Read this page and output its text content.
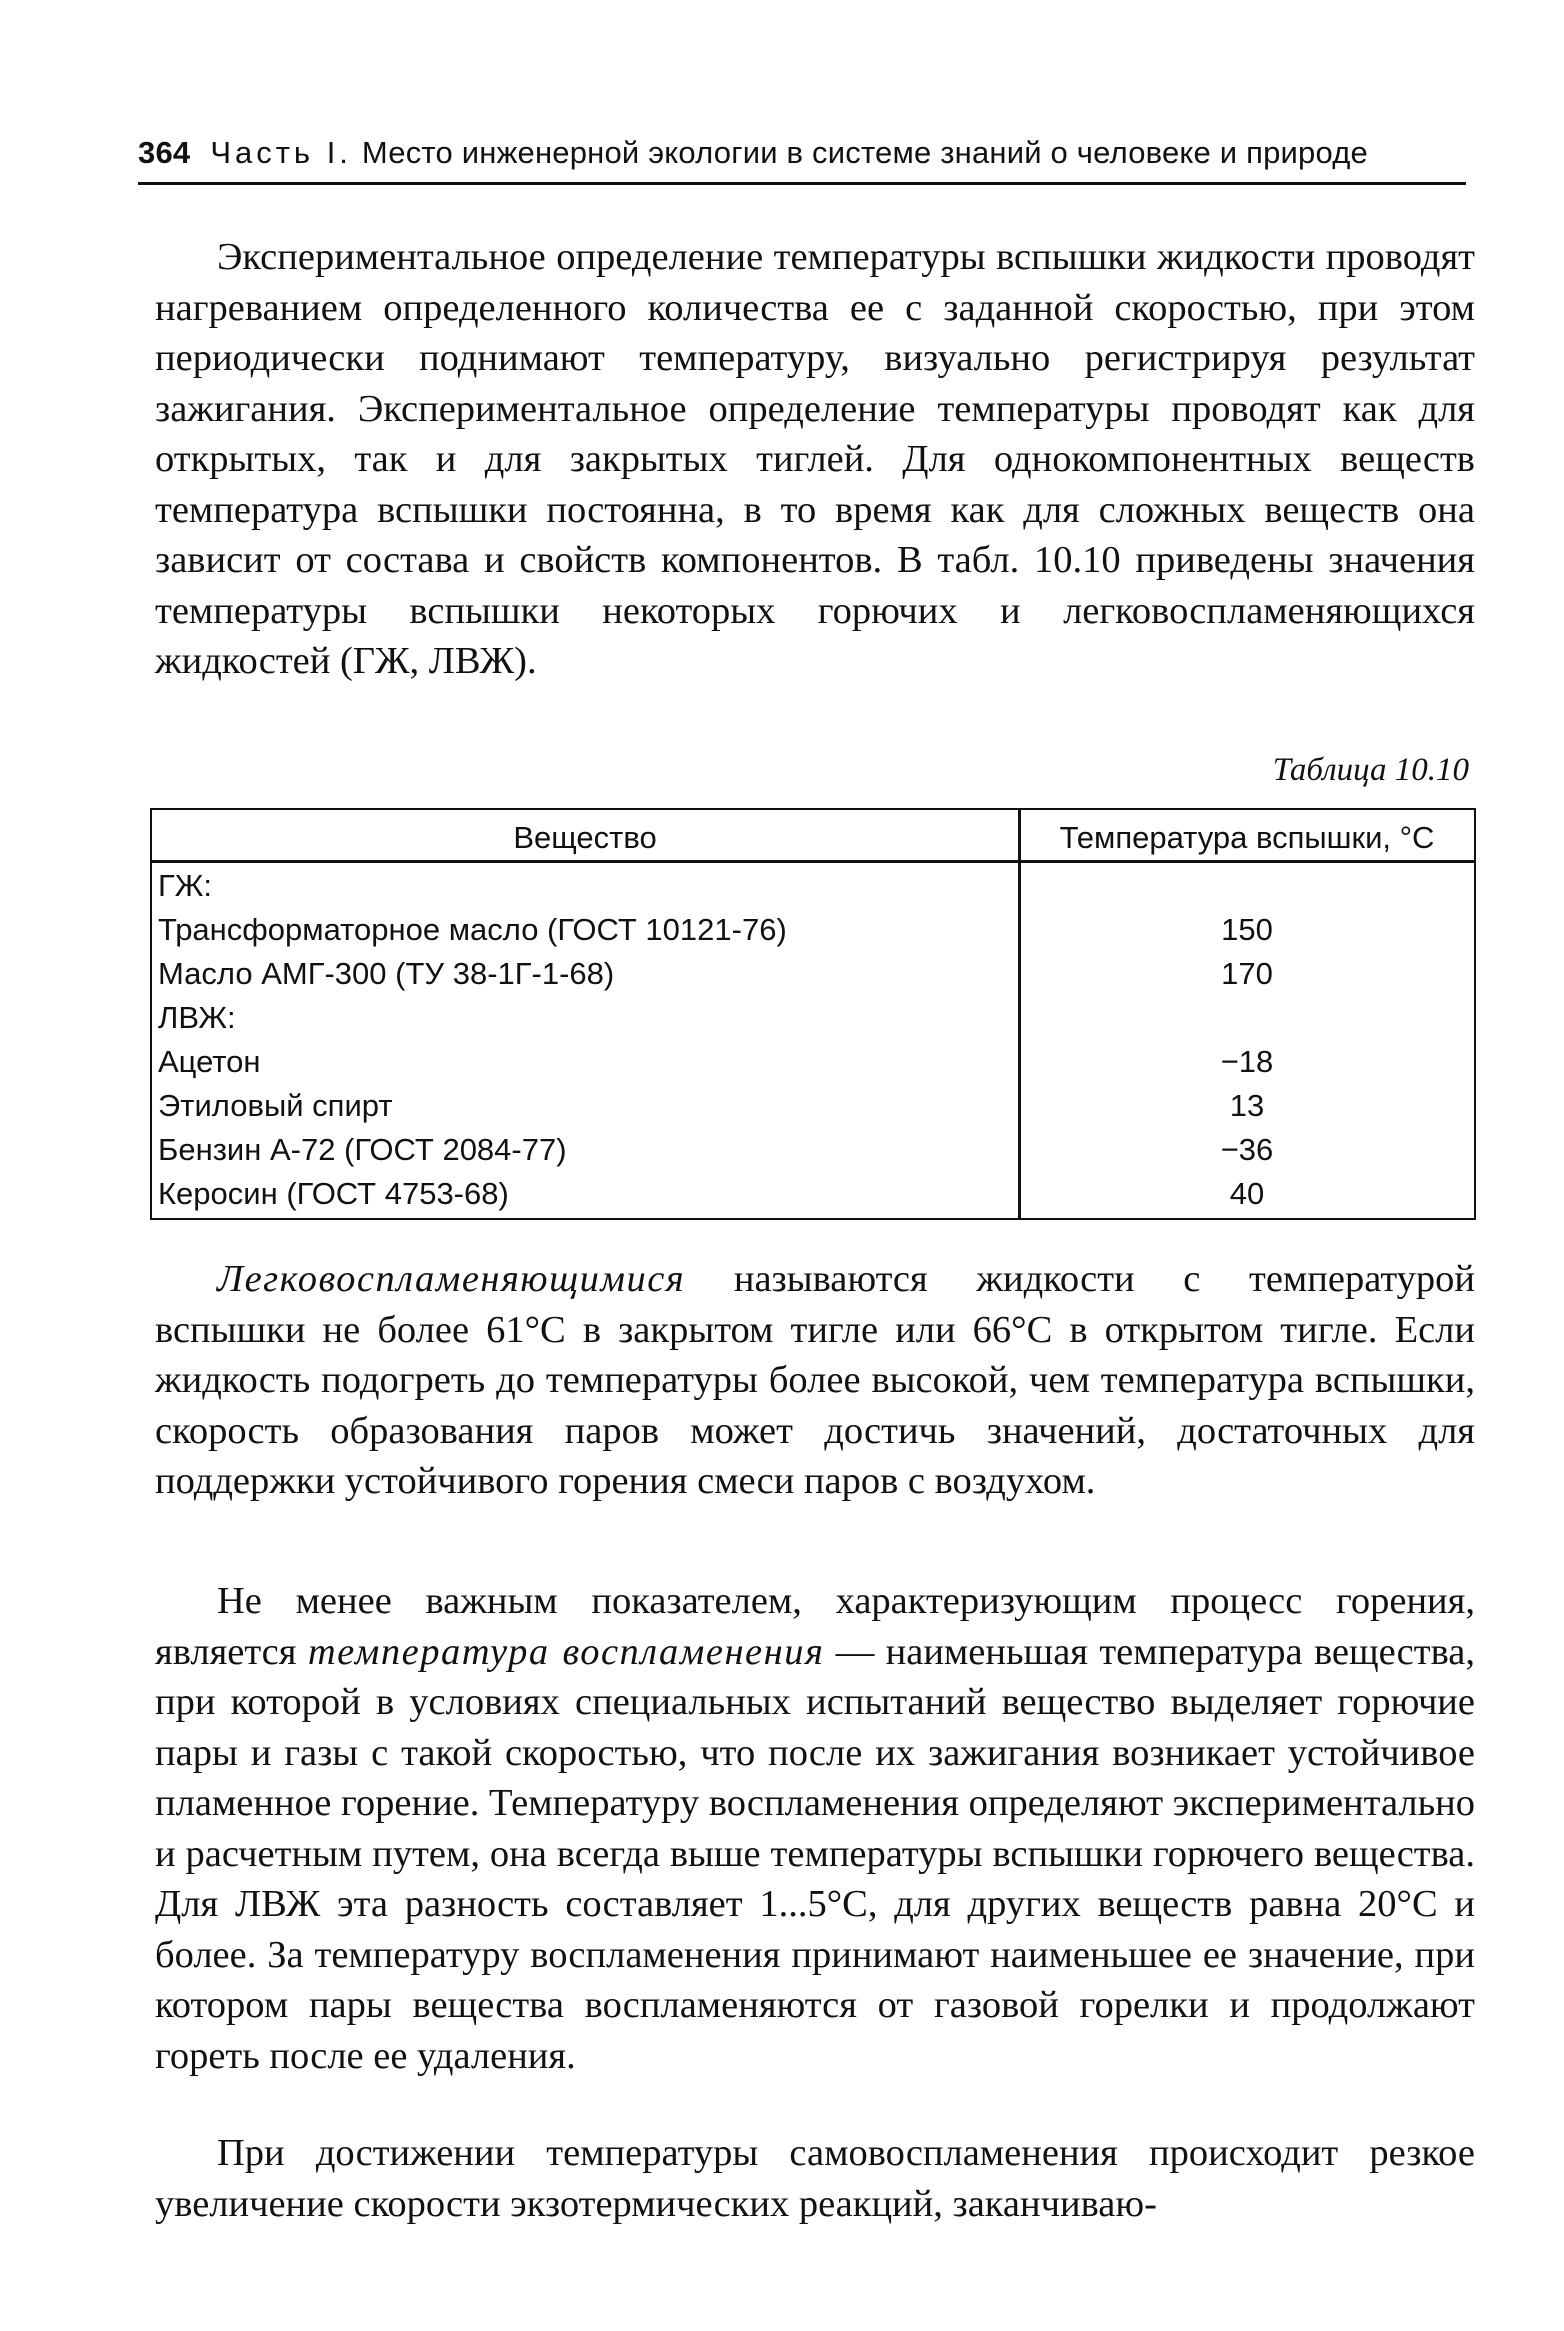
364 Часть I. Место инженерной экологии в системе знаний о человеке и природе

Экспериментальное определение температуры вспышки жидкости проводят нагреванием определенного количества ее с заданной скоростью, при этом периодически поднимают температуру, визуально регистрируя результат зажигания. Экспериментальное определение температуры проводят как для открытых, так и для закрытых тиглей. Для однокомпонентных веществ температура вспышки постоянна, в то время как для сложных веществ она зависит от состава и свойств компонентов. В табл. 10.10 приведены значения температуры вспышки некоторых горючих и легковоспламеняющихся жидкостей (ГЖ, ЛВЖ).

Таблица 10.10
Вещество	Температура вспышки, °С
ГЖ:
Трансформаторное масло (ГОСТ 10121-76)	150
Масло АМГ-300 (ТУ 38-1Г-1-68)	170
ЛВЖ:
Ацетон	−18
Этиловый спирт	13
Бензин А-72 (ГОСТ 2084-77)	−36
Керосин (ГОСТ 4753-68)	40

Легковоспламеняющимися называются жидкости с температурой вспышки не более 61°С в закрытом тигле или 66°С в открытом тигле. Если жидкость подогреть до температуры более высокой, чем температура вспышки, скорость образования паров может достичь значений, достаточных для поддержки устойчивого горения смеси паров с воздухом.

Не менее важным показателем, характеризующим процесс горения, является температура воспламенения — наименьшая температура вещества, при которой в условиях специальных испытаний вещество выделяет горючие пары и газы с такой скоростью, что после их зажигания возникает устойчивое пламенное горение. Температуру воспламенения определяют экспериментально и расчетным путем, она всегда выше температуры вспышки горючего вещества. Для ЛВЖ эта разность составляет 1...5°С, для других веществ равна 20°С и более. За температуру воспламенения принимают наименьшее ее значение, при котором пары вещества воспламеняются от газовой горелки и продолжают гореть после ее удаления.

При достижении температуры самовоспламенения происходит резкое увеличение скорости экзотермических реакций, заканчиваю-
